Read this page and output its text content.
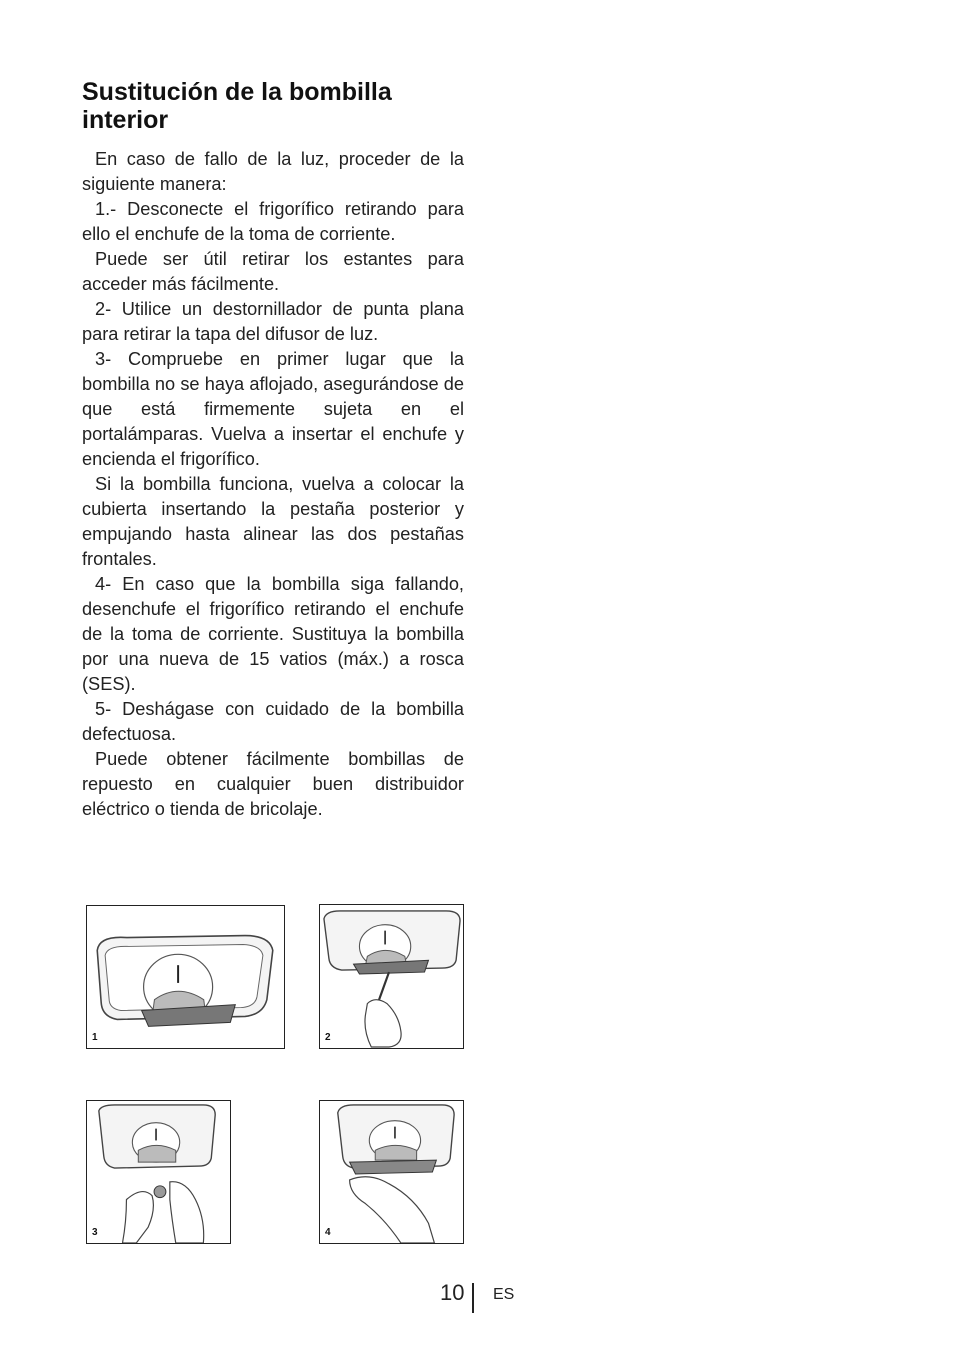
Sustitución de la bombilla interior

En caso de fallo de la luz, proceder de la siguiente manera:

1.- Desconecte el frigorífico retirando para ello el enchufe de la toma de corriente.

Puede ser útil retirar los estantes para acceder más fácilmente.

2- Utilice un destornillador de punta plana para retirar la tapa del difusor de luz.

3- Compruebe en primer lugar que la bombilla no se haya aflojado, asegurándose de que está firmemente sujeta en el portalámparas. Vuelva a insertar el enchufe y encienda el frigorífico.

Si la bombilla funciona, vuelva a colocar la cubierta insertando la pestaña posterior y empujando hasta alinear las dos pestañas frontales.

4- En caso que la bombilla siga fallando, desenchufe el frigorífico retirando el enchufe de la toma de corriente. Sustituya la bombilla por una nueva de 15 vatios (máx.) a rosca (SES).

5- Deshágase con cuidado de la bombilla defectuosa.

Puede obtener fácilmente bombillas de repuesto en cualquier buen distribuidor eléctrico o tienda de bricolaje.

1	2
3	4
10 ES
